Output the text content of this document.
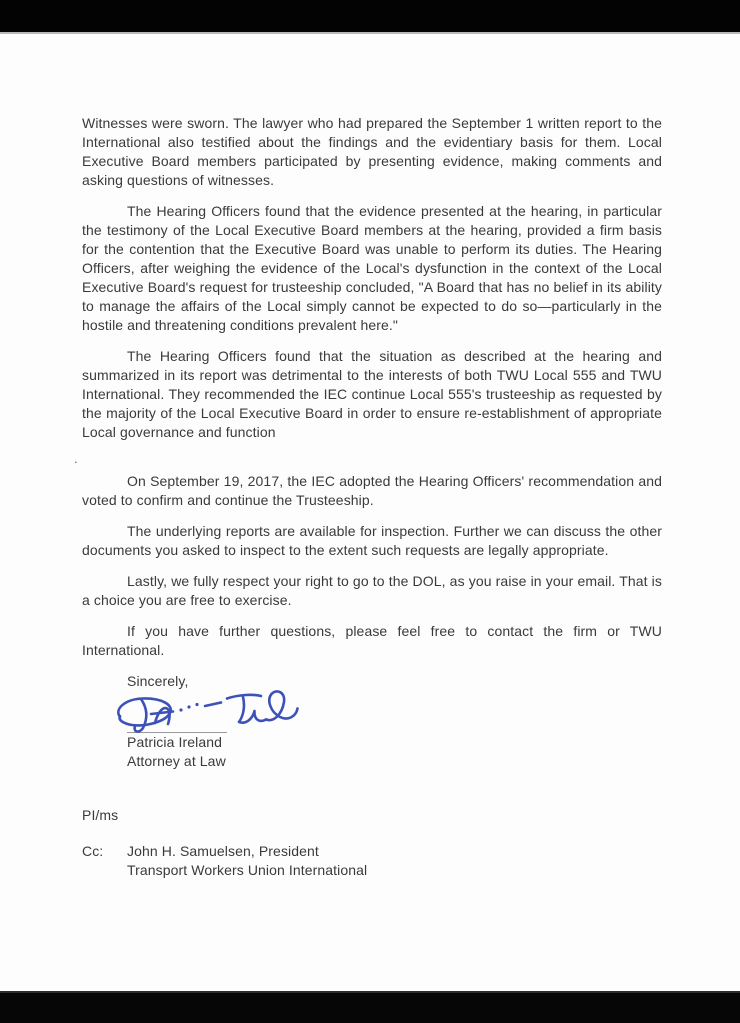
Witnesses were sworn. The lawyer who had prepared the September 1 written report to the International also testified about the findings and the evidentiary basis for them. Local Executive Board members participated by presenting evidence, making comments and asking questions of witnesses.

The Hearing Officers found that the evidence presented at the hearing, in particular the testimony of the Local Executive Board members at the hearing, provided a firm basis for the contention that the Executive Board was unable to perform its duties. The Hearing Officers, after weighing the evidence of the Local's dysfunction in the context of the Local Executive Board's request for trusteeship concluded, "A Board that has no belief in its ability to manage the affairs of the Local simply cannot be expected to do so—particularly in the hostile and threatening conditions prevalent here."

The Hearing Officers found that the situation as described at the hearing and summarized in its report was detrimental to the interests of both TWU Local 555 and TWU International. They recommended the IEC continue Local 555's trusteeship as requested by the majority of the Local Executive Board in order to ensure re-establishment of appropriate Local governance and function

.

On September 19, 2017, the IEC adopted the Hearing Officers' recommendation and voted to confirm and continue the Trusteeship.

The underlying reports are available for inspection. Further we can discuss the other documents you asked to inspect to the extent such requests are legally appropriate.

Lastly, we fully respect your right to go to the DOL, as you raise in your email. That is a choice you are free to exercise.

If you have further questions, please feel free to contact the firm or TWU International.

Sincerely,

Patricia Ireland
Attorney at Law
PI/ms
Cc:	John H. Samuelsen, President
Transport Workers Union International
